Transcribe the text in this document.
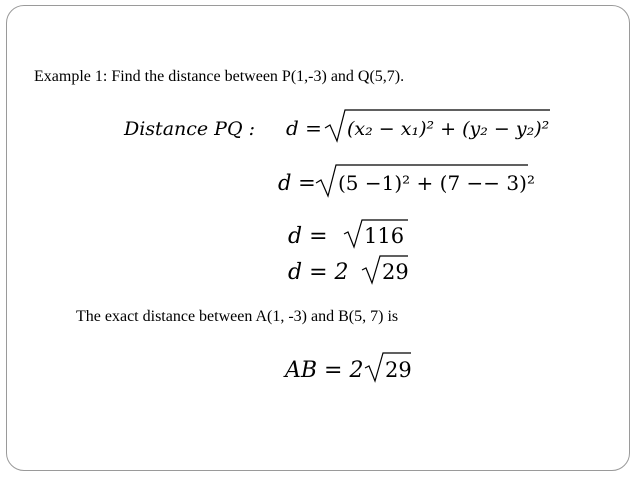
Example 1: Find the distance between P(1,-3) and Q(5,7).
Distance PQ : d = (x₂ − x₁)² + (y₂ − y₂)²
d = (5 −1)² + (7 −− 3)²
d = 116
d = 2 29
The exact distance between A(1, -3) and B(5, 7) is
AB = 2 29
